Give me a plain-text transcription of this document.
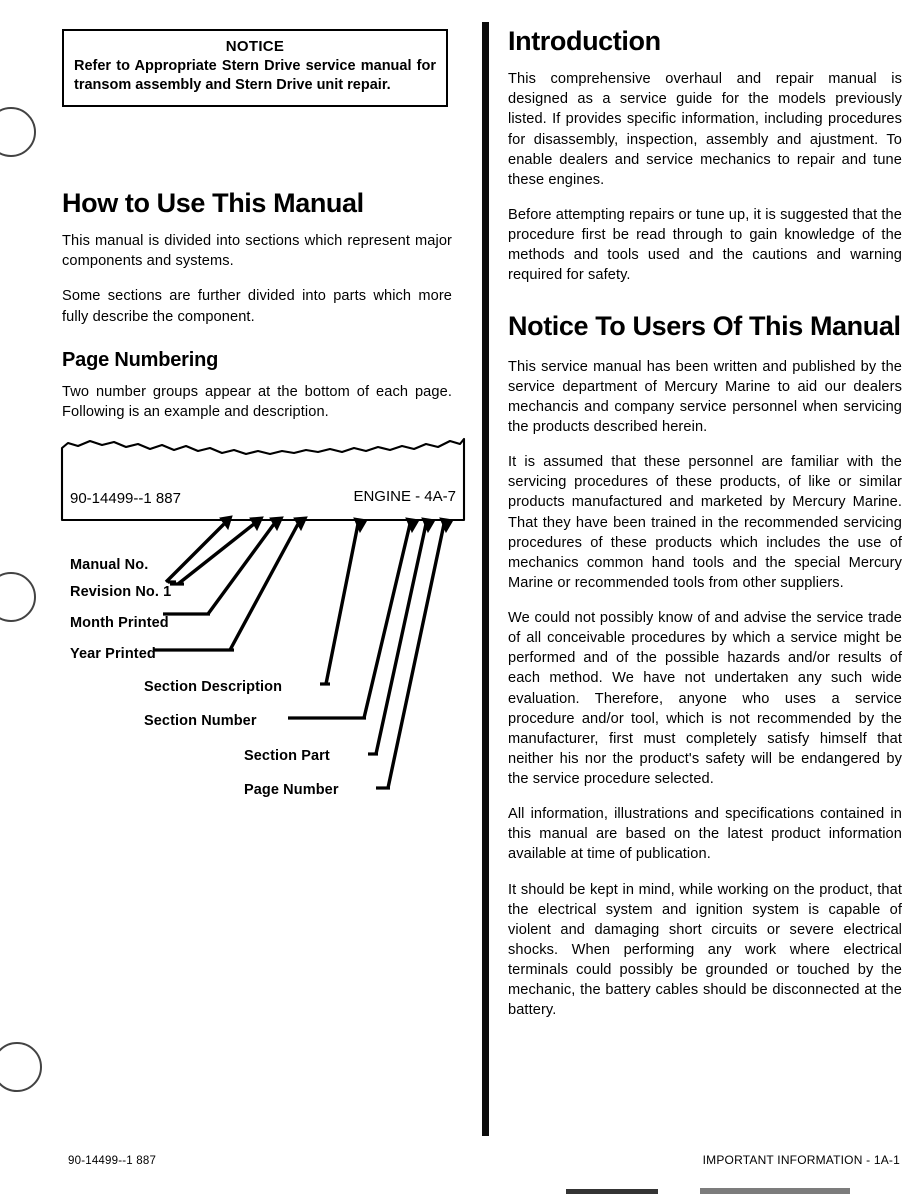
NOTICE
Refer to Appropriate Stern Drive service manual for transom assembly and Stern Drive unit repair.
How to Use This Manual

This manual is divided into sections which represent major components and systems.

Some sections are further divided into parts which more fully describe the component.

Page Numbering

Two number groups appear at the bottom of each page. Following is an example and description.

90-14499--1 887	ENGINE - 4A-7
Manual No.
Revision No. 1
Month Printed
Year Printed
Section Description
Section Number
Section Part
Page Number
Introduction

This comprehensive overhaul and repair manual is designed as a service guide for the models previously listed. If provides specific information, including procedures for disassembly, inspection, assembly and ajustment. To enable dealers and service mechanics to repair and tune these engines.

Before attempting repairs or tune up, it is suggested that the procedure first be read through to gain knowledge of the methods and tools used and the cautions and warning required for safety.

Notice To Users Of This Manual

This service manual has been written and published by the service department of Mercury Marine to aid our dealers mechancis and company service personnel when servicing the products described herein.

It is assumed that these personnel are familiar with the servicing procedures of these products, of like or similar products manufactured and marketed by Mercury Marine. That they have been trained in the recommended servicing procedures of these products which includes the use of mechanics common hand tools and the special Mercury Marine or recommended tools from other suppliers.

We could not possibly know of and advise the service trade of all conceivable procedures by which a service might be performed and of the possible hazards and/or results of each method. We have not undertaken any such wide evaluation. Therefore, anyone who uses a service procedure and/or tool, which is not recommended by the manufacturer, first must completely satisfy himself that neither his nor the product's safety will be endangered by the service procedure selected.

All information, illustrations and specifications contained in this manual are based on the latest product information available at time of publication.

It should be kept in mind, while working on the product, that the electrical system and ignition system is capable of violent and damaging short circuits or severe electrical shocks. When performing any work where electrical terminals could possibly be grounded or touched by the mechanic, the battery cables should be disconnected at the battery.

90-14499--1 887	IMPORTANT INFORMATION - 1A-1
